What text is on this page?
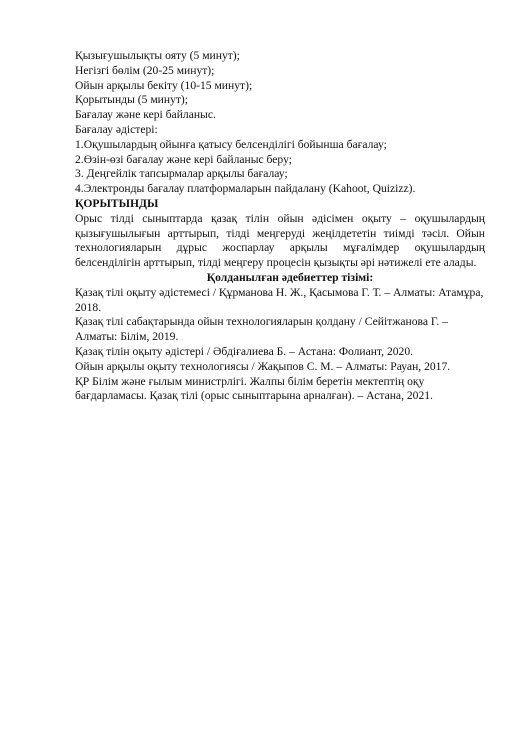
Қызығушылықты ояту (5 минут);
Негізгі бөлім (20-25 минут);
Ойын арқылы бекіту (10-15 минут);
Қорытынды (5 минут);
Бағалау және кері байланыс.
Бағалау әдістері:
1.Оқушылардың ойынға қатысу белсенділігі бойынша бағалау;
2.Өзін-өзі бағалау және кері байланыс беру;
3. Деңгейлік тапсырмалар арқылы бағалау;
4.Электронды бағалау платформаларын пайдалану (Kahoot, Quizizz).
ҚОРЫТЫНДЫ
Орыс тілді сыныптарда қазақ тілін ойын әдісімен оқыту – оқушылардың қызығушылығын арттырып, тілді меңгеруді жеңілдететін тиімді тәсіл. Ойын технологияларын дұрыс жоспарлау арқылы мұғалімдер оқушылардың белсенділігін арттырып, тілді меңгеру процесін қызықты әрі нәтижелі ете алады.
Қолданылған әдебиеттер тізімі:
Қазақ тілі оқыту әдістемесі / Құрманова Н. Ж., Қасымова Г. Т. – Алматы: Атамұра, 2018.
Қазақ тілі сабақтарында ойын технологияларын қолдану / Сейітжанова Г. – Алматы: Білім, 2019.
Қазақ тілін оқыту әдістері / Әбдіғалиева Б. – Астана: Фолиант, 2020.
Ойын арқылы оқыту технологиясы / Жақыпов С. М. – Алматы: Рауан, 2017.
ҚР Білім және ғылым министрлігі. Жалпы білім беретін мектептің оқу бағдарламасы. Қазақ тілі (орыс сыныптарына арналған). – Астана, 2021.
